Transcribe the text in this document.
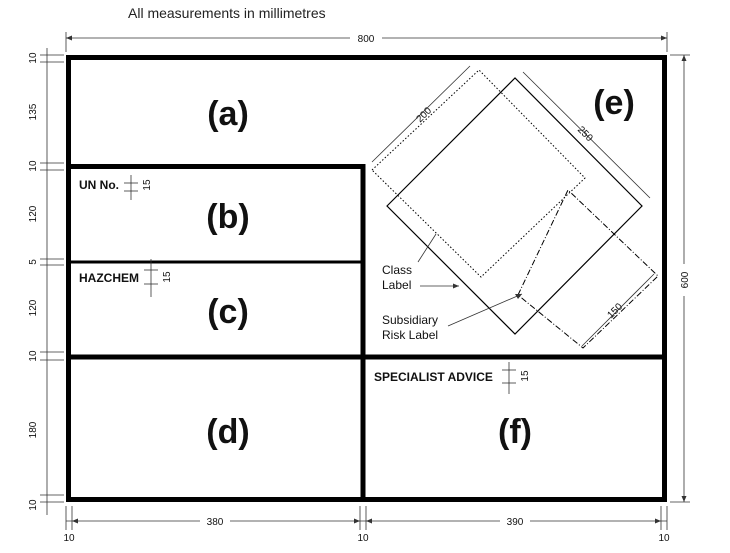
All measurements in millimetres
800
600
10
135
10
120
5
120
10
180
10
10
380
10
390
10
(a)
(b)
(c)
(d)
(e)
(f)
UN No. 15
HAZCHEM 15
SPECIALIST ADVICE	15
200
250
150
Class
Label
Subsidiary
Risk Label
